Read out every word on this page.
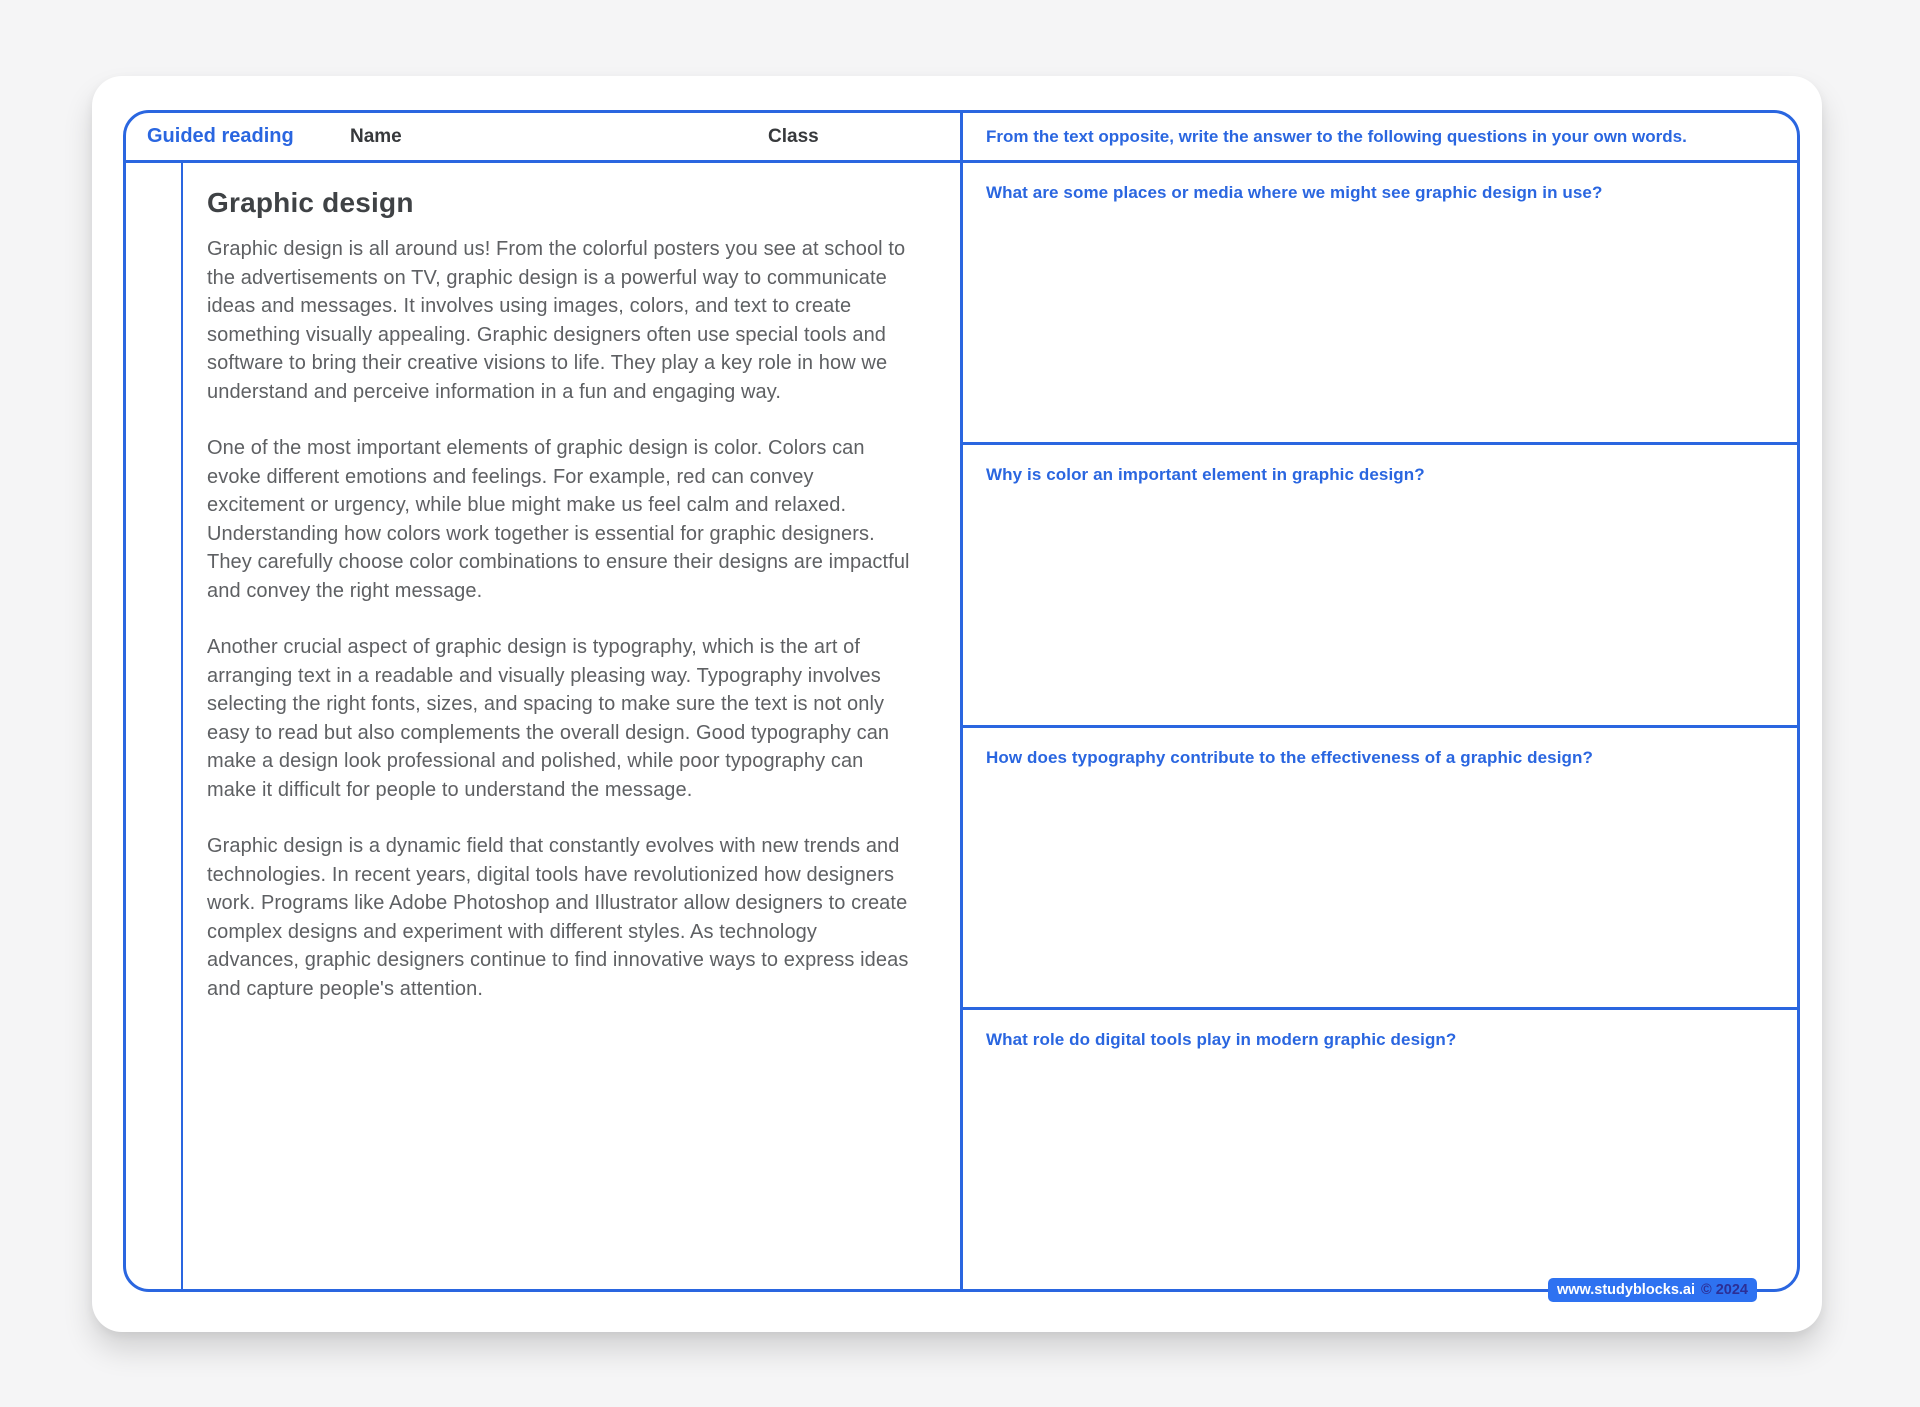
Guided reading	Name	Class	From the text opposite, write the answer to the following questions in your own words.
Graphic design

Graphic design is all around us! From the colorful posters you see at school to the advertisements on TV, graphic design is a powerful way to communicate ideas and messages. It involves using images, colors, and text to create something visually appealing. Graphic designers often use special tools and software to bring their creative visions to life. They play a key role in how we understand and perceive information in a fun and engaging way.

One of the most important elements of graphic design is color. Colors can evoke different emotions and feelings. For example, red can convey excitement or urgency, while blue might make us feel calm and relaxed. Understanding how colors work together is essential for graphic designers. They carefully choose color combinations to ensure their designs are impactful and convey the right message.

Another crucial aspect of graphic design is typography, which is the art of arranging text in a readable and visually pleasing way. Typography involves selecting the right fonts, sizes, and spacing to make sure the text is not only easy to read but also complements the overall design. Good typography can make a design look professional and polished, while poor typography can make it difficult for people to understand the message.

Graphic design is a dynamic field that constantly evolves with new trends and technologies. In recent years, digital tools have revolutionized how designers work. Programs like Adobe Photoshop and Illustrator allow designers to create complex designs and experiment with different styles. As technology advances, graphic designers continue to find innovative ways to express ideas and capture people's attention.

What are some places or media where we might see graphic design in use?
Why is color an important element in graphic design?
How does typography contribute to the effectiveness of a graphic design?
What role do digital tools play in modern graphic design?
www.studyblocks.ai © 2024
